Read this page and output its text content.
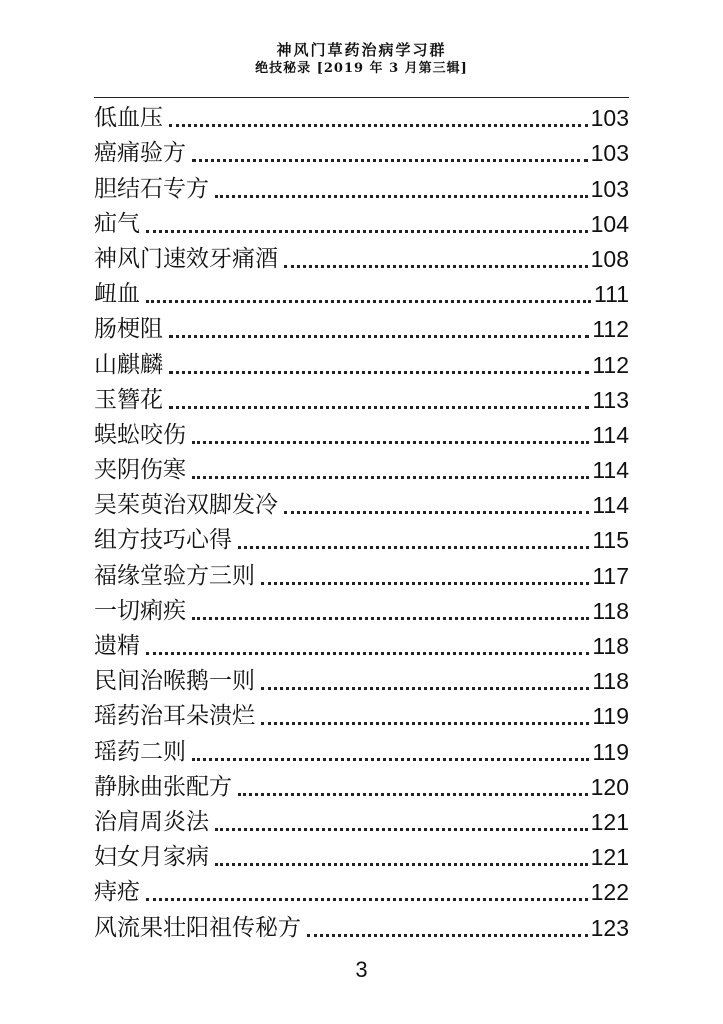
神风门草药治病学习群
绝技秘录 [2019 年 3 月第三辑]
低血压	103
癌痛验方	103
胆结石专方	103
疝气	104
神风门速效牙痛酒	108
衄血	111
肠梗阻	112
山麒麟	112
玉簪花	113
蜈蚣咬伤	114
夹阴伤寒	114
吴茱萸治双脚发冷	114
组方技巧心得	115
福缘堂验方三则	117
一切痢疾	118
遗精	118
民间治喉鹅一则	118
瑶药治耳朵溃烂	119
瑶药二则	119
静脉曲张配方	120
治肩周炎法	121
妇女月家病	121
痔疮	122
风流果壮阳祖传秘方	123
3
